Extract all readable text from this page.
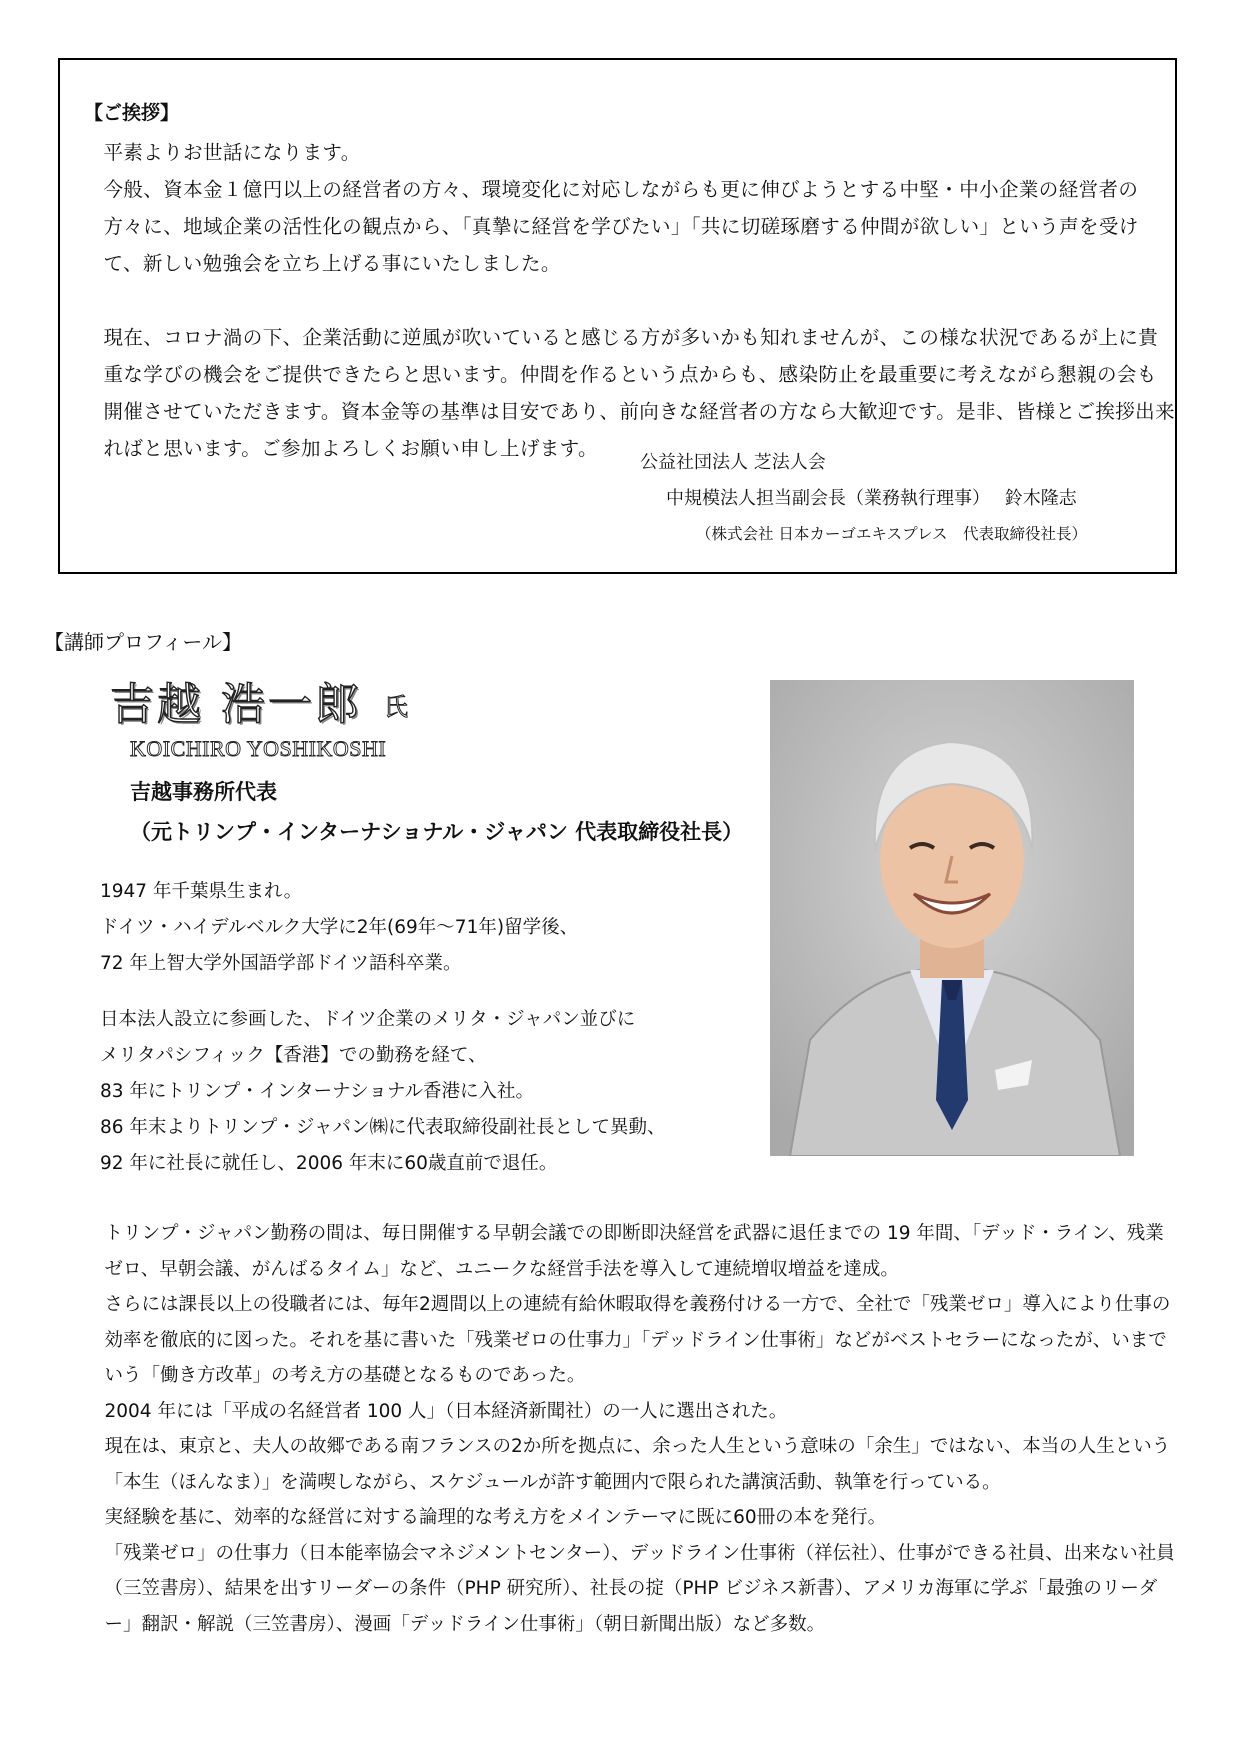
【ご挨拶】

平素よりお世話になります。

今般、資本金１億円以上の経営者の方々、環境変化に対応しながらも更に伸びようとする中堅・中小企業の経営者の方々に、地域企業の活性化の観点から、「真摯に経営を学びたい」「共に切磋琢磨する仲間が欲しい」という声を受けて、新しい勉強会を立ち上げる事にいたしました。

現在、コロナ渦の下、企業活動に逆風が吹いていると感じる方が多いかも知れませんが、この様な状況であるが上に貴重な学びの機会をご提供できたらと思います。仲間を作るという点からも、感染防止を最重要に考えながら懇親の会も開催させていただきます。資本金等の基準は目安であり、前向きな経営者の方なら大歓迎です。是非、皆様とご挨拶出来ればと思います。ご参加よろしくお願い申し上げます。

公益社団法人 芝法人会
中規模法人担当副会長（業務執行理事）　 鈴木隆志
（株式会社 日本カーゴエキスプレス　代表取締役社長）
【講師プロフィール】
吉越 浩一郎 氏
KOICHIRO YOSHIKOSHI
吉越事務所代表
（元トリンプ・インターナショナル・ジャパン 代表取締役社長）
1947 年千葉県生まれ。
ドイツ・ハイデルベルク大学に2年(69年～71年)留学後、
72 年上智大学外国語学部ドイツ語科卒業。
日本法人設立に参画した、ドイツ企業のメリタ・ジャパン並びに
メリタパシフィック【香港】での勤務を経て、
83 年にトリンプ・インターナショナル香港に入社。
86 年末よりトリンプ・ジャパン㈱に代表取締役副社長として異動、
92 年に社長に就任し、2006 年末に60歳直前で退任。

トリンプ・ジャパン勤務の間は、毎日開催する早朝会議での即断即決経営を武器に退任までの 19 年間、「デッド・ライン、残業ゼロ、早朝会議、がんばるタイム」など、ユニークな経営手法を導入して連続増収増益を達成。

さらには課長以上の役職者には、毎年2週間以上の連続有給休暇取得を義務付ける一方で、全社で「残業ゼロ」導入により仕事の効率を徹底的に図った。それを基に書いた「残業ゼロの仕事力」「デッドライン仕事術」などがベストセラーになったが、いまでいう「働き方改革」の考え方の基礎となるものであった。

2004 年には「平成の名経営者 100 人」（日本経済新聞社）の一人に選出された。

現在は、東京と、夫人の故郷である南フランスの2か所を拠点に、余った人生という意味の「余生」ではない、本当の人生という「本生（ほんなま）」を満喫しながら、スケジュールが許す範囲内で限られた講演活動、執筆を行っている。

実経験を基に、効率的な経営に対する論理的な考え方をメインテーマに既に60冊の本を発行。

「残業ゼロ」の仕事力（日本能率協会マネジメントセンター）、デッドライン仕事術（祥伝社）、仕事ができる社員、出来ない社員（三笠書房）、結果を出すリーダーの条件（PHP 研究所）、社長の掟（PHP ビジネス新書）、アメリカ海軍に学ぶ「最強のリーダー」翻訳・解説（三笠書房）、漫画「デッドライン仕事術」（朝日新聞出版）など多数。
